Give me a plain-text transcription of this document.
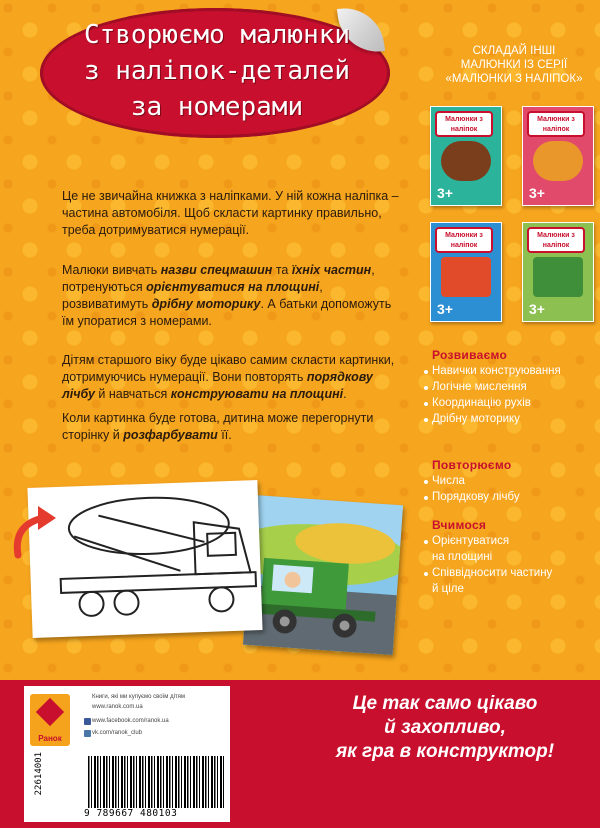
Створюємо малюнки
з наліпок-деталей
за номерами
СКЛАДАЙ ІНШІ
МАЛЮНКИ ІЗ СЕРІЇ
«МАЛЮНКИ З НАЛІПОК»
Малюнки з наліпок
3+
Малюнки з наліпок
3+
Малюнки з наліпок
3+
Малюнки з наліпок
3+
Це не звичайна книжка з наліпками. У ній кожна наліпка – частина автомобіля. Щоб скласти картинку правильно, треба дотримуватися нумерації.
Малюки вивчать назви спецмашин та їхніх частин, потренуються орієнтуватися на площині, розвиватимуть дрібну моторику. А батьки допоможуть їм упоратися з номерами.
Дітям старшого віку буде цікаво самим скласти картинки, дотримуючись нумерації. Вони повторять порядкову лічбу й навчаться конструювати на площині.
Коли картинка буде готова, дитина може перегорнути сторінку й розфарбувати її.
Розвиваємо
Навички конструювання
Логічне мислення
Координацію рухів
Дрібну моторику
Повторюємо
Числа
Порядкову лічбу
Вчимося
Орієнтуватися
на площині
Співвідносити частину
й ціле
Ранок
Книги, які ми купуємо своїм дітям
www.ranok.com.ua
www.facebook.com/ranok.ua
vk.com/ranok_club
22614001
9 789667 480103
Це так само цікаво
й захопливо,
як гра в конструктор!
